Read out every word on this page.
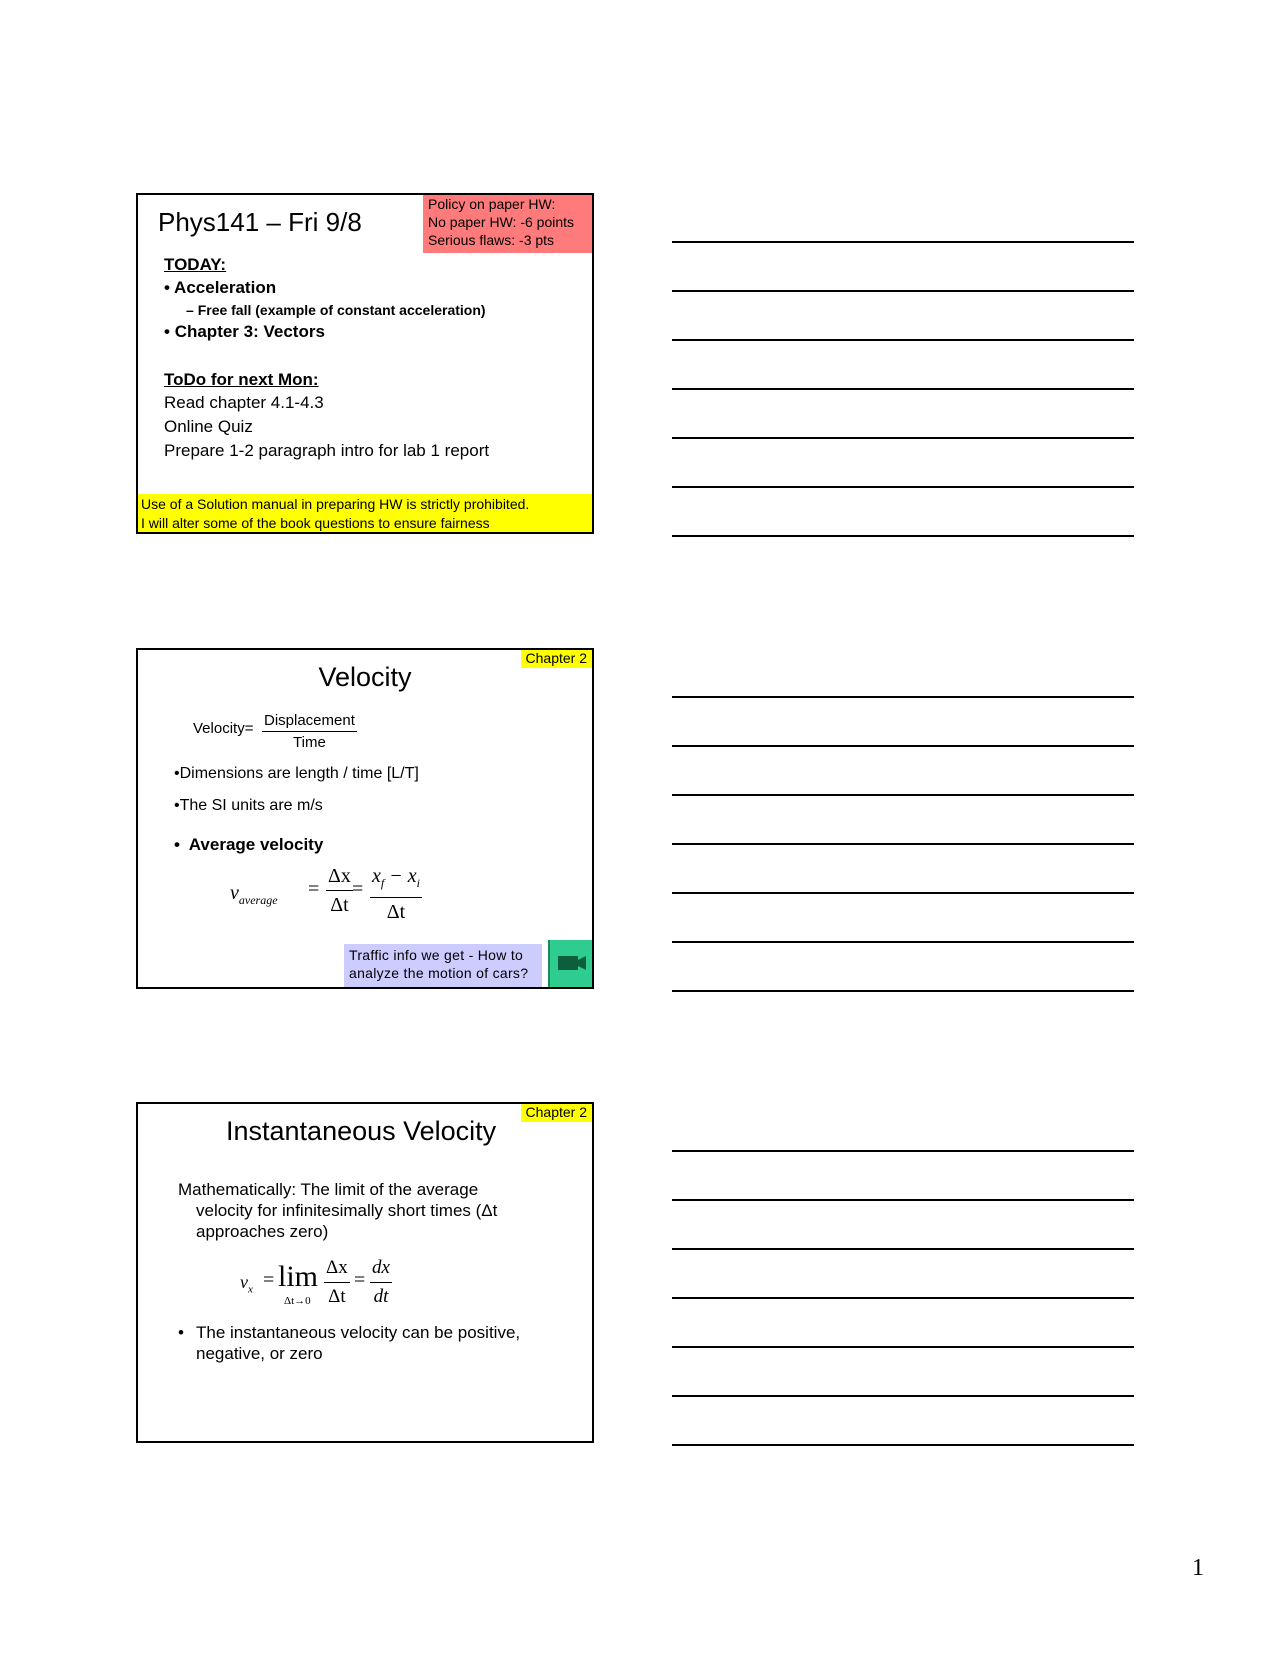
Phys141 – Fri 9/8
Policy on paper HW:
No paper HW: -6 points
Serious flaws: -3 pts
TODAY:
• Acceleration
– Free fall (example of constant acceleration)
• Chapter 3: Vectors
ToDo for next Mon:
Read chapter 4.1-4.3
Online Quiz
Prepare 1-2 paragraph intro for lab 1 report
Use of a Solution manual in preparing HW is strictly prohibited.
I will alter some of the book questions to ensure fairness
Chapter 2
Velocity
Velocity= Displacement
Time
•Dimensions are length / time [L/T]
•The SI units are m/s
•  Average velocity
$v_{average} = \frac{\Delta x}{\Delta t} = \frac{x_f - x_i}{\Delta t}$
Traffic info we get - How to
analyze the motion of cars?
Chapter 2
Instantaneous Velocity
Mathematically: The limit of the average
velocity for infinitesimally short times (Δt
approaches zero)
$v_x = \lim$
$\Delta t\to 0 \frac{\Delta x}{\Delta t} = \frac{dx}{dt}$
• The instantaneous velocity can be positive, negative, or zero
1
